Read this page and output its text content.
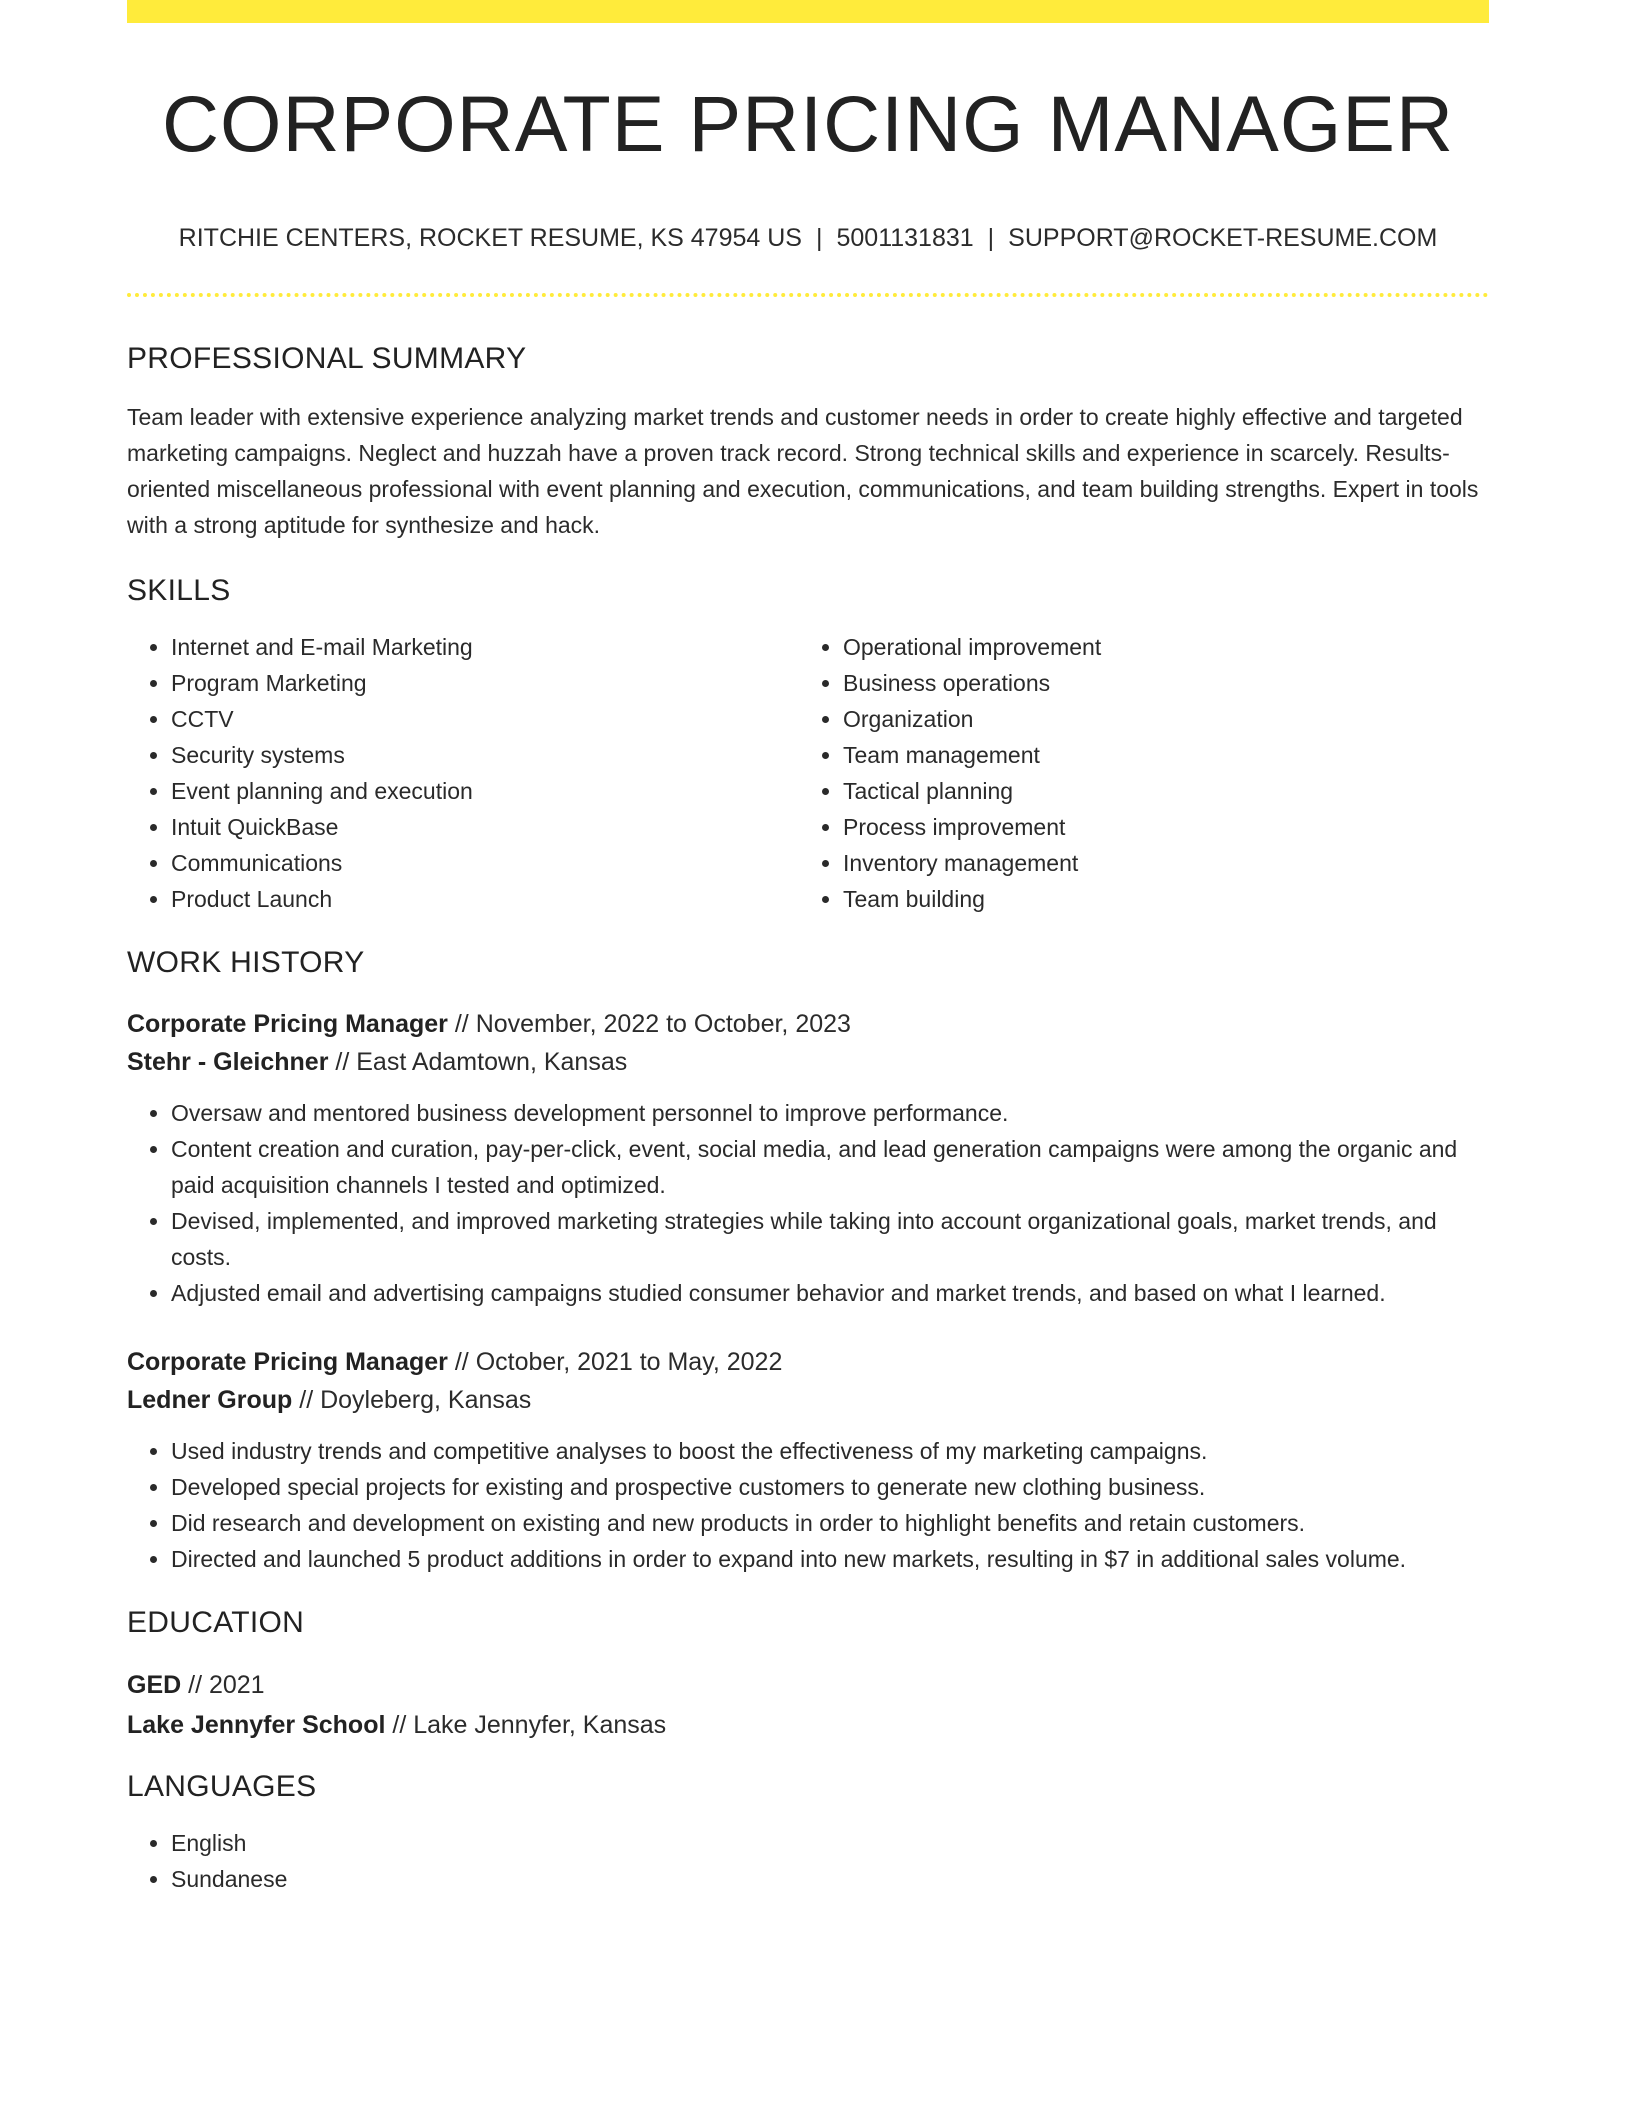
CORPORATE PRICING MANAGER
RITCHIE CENTERS, ROCKET RESUME, KS 47954 US | 5001131831 | SUPPORT@ROCKET-RESUME.COM
PROFESSIONAL SUMMARY
Team leader with extensive experience analyzing market trends and customer needs in order to create highly effective and targeted marketing campaigns. Neglect and huzzah have a proven track record. Strong technical skills and experience in scarcely. Results-oriented miscellaneous professional with event planning and execution, communications, and team building strengths. Expert in tools with a strong aptitude for synthesize and hack.
SKILLS
• Internet and E-mail Marketing
• Program Marketing
• CCTV
• Security systems
• Event planning and execution
• Intuit QuickBase
• Communications
• Product Launch
• Operational improvement
• Business operations
• Organization
• Team management
• Tactical planning
• Process improvement
• Inventory management
• Team building
WORK HISTORY
Corporate Pricing Manager // November, 2022 to October, 2023
Stehr - Gleichner // East Adamtown, Kansas
• Oversaw and mentored business development personnel to improve performance.
• Content creation and curation, pay-per-click, event, social media, and lead generation campaigns were among the organic and paid acquisition channels I tested and optimized.
• Devised, implemented, and improved marketing strategies while taking into account organizational goals, market trends, and costs.
• Adjusted email and advertising campaigns studied consumer behavior and market trends, and based on what I learned.
Corporate Pricing Manager // October, 2021 to May, 2022
Ledner Group // Doyleberg, Kansas
• Used industry trends and competitive analyses to boost the effectiveness of my marketing campaigns.
• Developed special projects for existing and prospective customers to generate new clothing business.
• Did research and development on existing and new products in order to highlight benefits and retain customers.
• Directed and launched 5 product additions in order to expand into new markets, resulting in $7 in additional sales volume.
EDUCATION
GED // 2021
Lake Jennyfer School // Lake Jennyfer, Kansas
LANGUAGES
• English
• Sundanese
